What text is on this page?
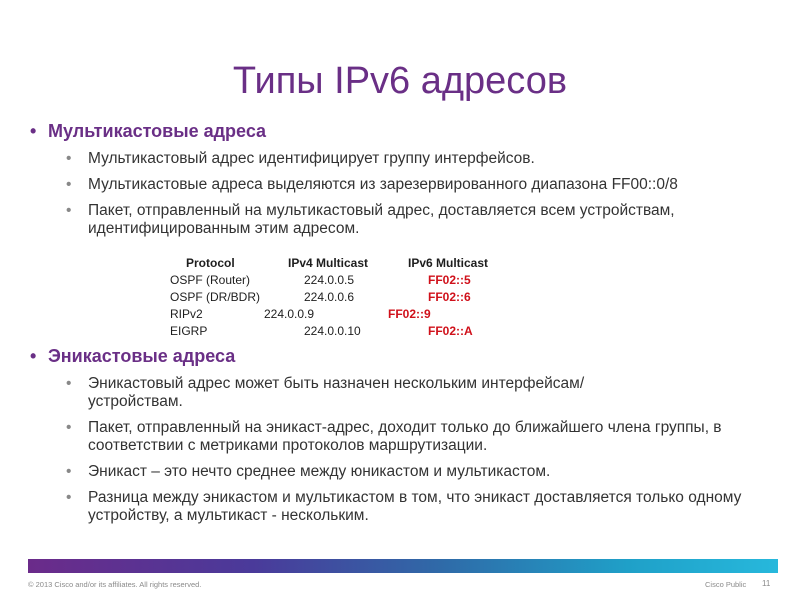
Типы IPv6 адресов
• Мультикастовые адреса
• Мультикастовый адрес идентифицирует группу интерфейсов.
• Мультикастовые адреса выделяются из зарезервированного диапазона FF00::0/8
• Пакет, отправленный на мультикастовый адрес, доставляется всем устройствам, идентифицированным этим адресом.
Protocol	IPv4 Multicast	IPv6 Multicast
OSPF (Router)	224.0.0.5	FF02::5
OSPF (DR/BDR)	224.0.0.6	FF02::6
RIPv2	224.0.0.9	FF02::9
EIGRP	224.0.0.10	FF02::A
• Эникастовые адреса
• Эникастовый адрес может быть назначен нескольким интерфейсам/устройствам.
• Пакет, отправленный на эникаст-адрес, доходит только до ближайшего члена группы, в соответствии с метриками протоколов маршрутизации.
• Эникаст – это нечто среднее между юникастом и мультикастом.
• Разница между эникастом и мультикастом в том, что эникаст доставляется только одному устройству, а мультикаст - нескольким.
© 2013 Cisco and/or its affiliates. All rights reserved.	Cisco Public 11
